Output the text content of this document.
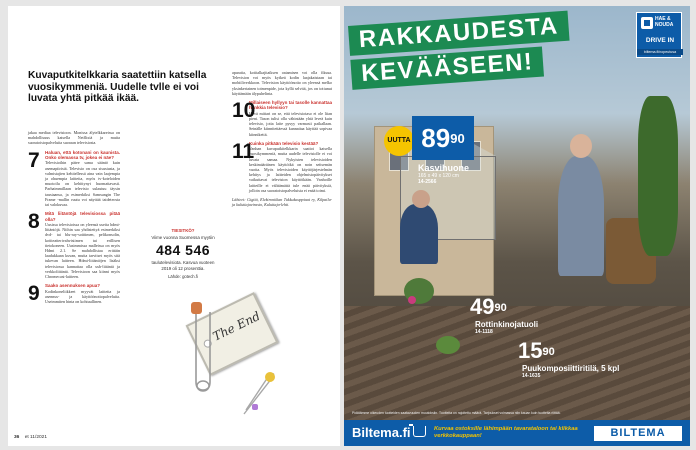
Kuvaputkitelkkaria saatettiin katsella vuosikymmeniä. Uudelle tvlle ei voi luvata yhtä pitkää ikää.
jakaa mediaa televisioon. Monissa älytelkkareissa on mahdollisuus katsella Netflixiä ja muita suoratoistopalveluita suoraan televisiosta.
7 Haluan, että kotonani on kaunista. Onko olemassa tv, jokea ei näe?
Televisioihin pätee sama sääntö kuin asemapiiristä. Televisio on osa sisustusta, ja valmistajien kehitellessä aina vain laajempia ja ohuempia laitteita, myös tv-koteloiden muotoilu on kehittynyt huomattavasti. Parhaimmillaan televisio sulautuu täysin taustaansa, ja esimerkiksi Samsungin The Frame -mallin ruutu voi näyttää taideteosta tai valokuvaa.
8 Mitä liitäntöjä televisiossa pitää olla?
Uusissa televisioissa on yleensä useita hdmi-liitäntöjä. Niihin saa yhdistettyä esimerkiksi dvd- tai blu-ray-soittimen, pelikonsolin, kotiteatterivahvistimen tai erillisen tietokoneen. Uusimmissa malleissa on myös Hdmi 2.1. Se mahdollistaa erittäin laadukkaan kuvan, mutta tarvitset myös sitä tukevan laitteen. Hdmi-liitäntöjen lisäksi televisiossa kannattaa olla usb-liitäntä ja verkkoliitäntä. Televisioon saa kiinni myös Chromecast-laitteen.
9 Saako asennuksen apua?
Kodinkoneliikkeet myyvät laitteita ja asennus- ja käyttöönottopalveluita. Useimmiten hinta on kohtuullinen.
TIESITKÖ?
Viime vuonna Suomessa myytiin
484 546
taulutelevisiota. Kasvua vuoteen 2019 oli 12 prosenttia.
Lähde: gotech.fi
The End
aparatia, kotitalkajitaiksen oatamisen voi olla fiksua. Television voi myös kytkeä kodin laajakaistaan tai mobiiliverkkoon. Television käyttöönotto on yleensä melko yksinkertainen toimenpide, jota kyllä selvitä, jos on tottunut käyttämään älypuhelinta.
10
Millaiseen hyllyyn tai tasolle kannattaa hankkia televisio?
Hyvä mittari on se, että televisiotaso ei ole liian pieni. Tason tulisi olla vähintään yhtä leveä kuin televisio, jotta laite pysyy varmasti paikallaan. Seinälle kiinnitettäessä kannattaa käyttää sopivaa kiinnikettä.
11
Kuinka pitkään televisio kestää?
Vanhan kuvaputkitelkkarin saattoi katsella vuosikymmeniä, mutta uudelle televisiolle ei voi luvata samaa. Nykyisten televisioiden keskimääräinen käyttöikä on noin seitsemän vuotta. Myös televisioiden käyttöjärjestelmän kehitys ja laitteiden ohjelmistopäivitykset vaikuttavat television käyttöikään. Vanhoille laitteille ei välttämättä tule enää päivityksiä, jolloin osa suoratoistopalveluista ei enää toimi.
Lähteet: Gigitä, Elektroniikan Tukkukauppiaat ry, Kilpailu- ja kuluttajavirasto, Kuluttaja-lehti.
36 et 11/2021
RAKKAUDESTA
KEVÄÄSEEN!
HAE & NOUDA
DRIVE IN
biltema.fi/nopeutusa
UUTTA $89^{90}$
Kasvihuone
165 x 49 x 120 cm
14-2566
$49^{90}$
Rottinkinojatuoli
14-1118
$15^{90}$
Puukomposiittiritilä, 5 kpl
14-1635
Pidätämme oikeuden tuotteiden saatavuuden muutoksiin. Tuotteita on rajoitettu määrä. Tarjoukset voimassa niin kauan kuin tuotteita riittää.
Biltema.fi	Kurvaa ostoksille lähimpään tavarataloon tai klikkaa verkkokauppaan!	BILTEMA
